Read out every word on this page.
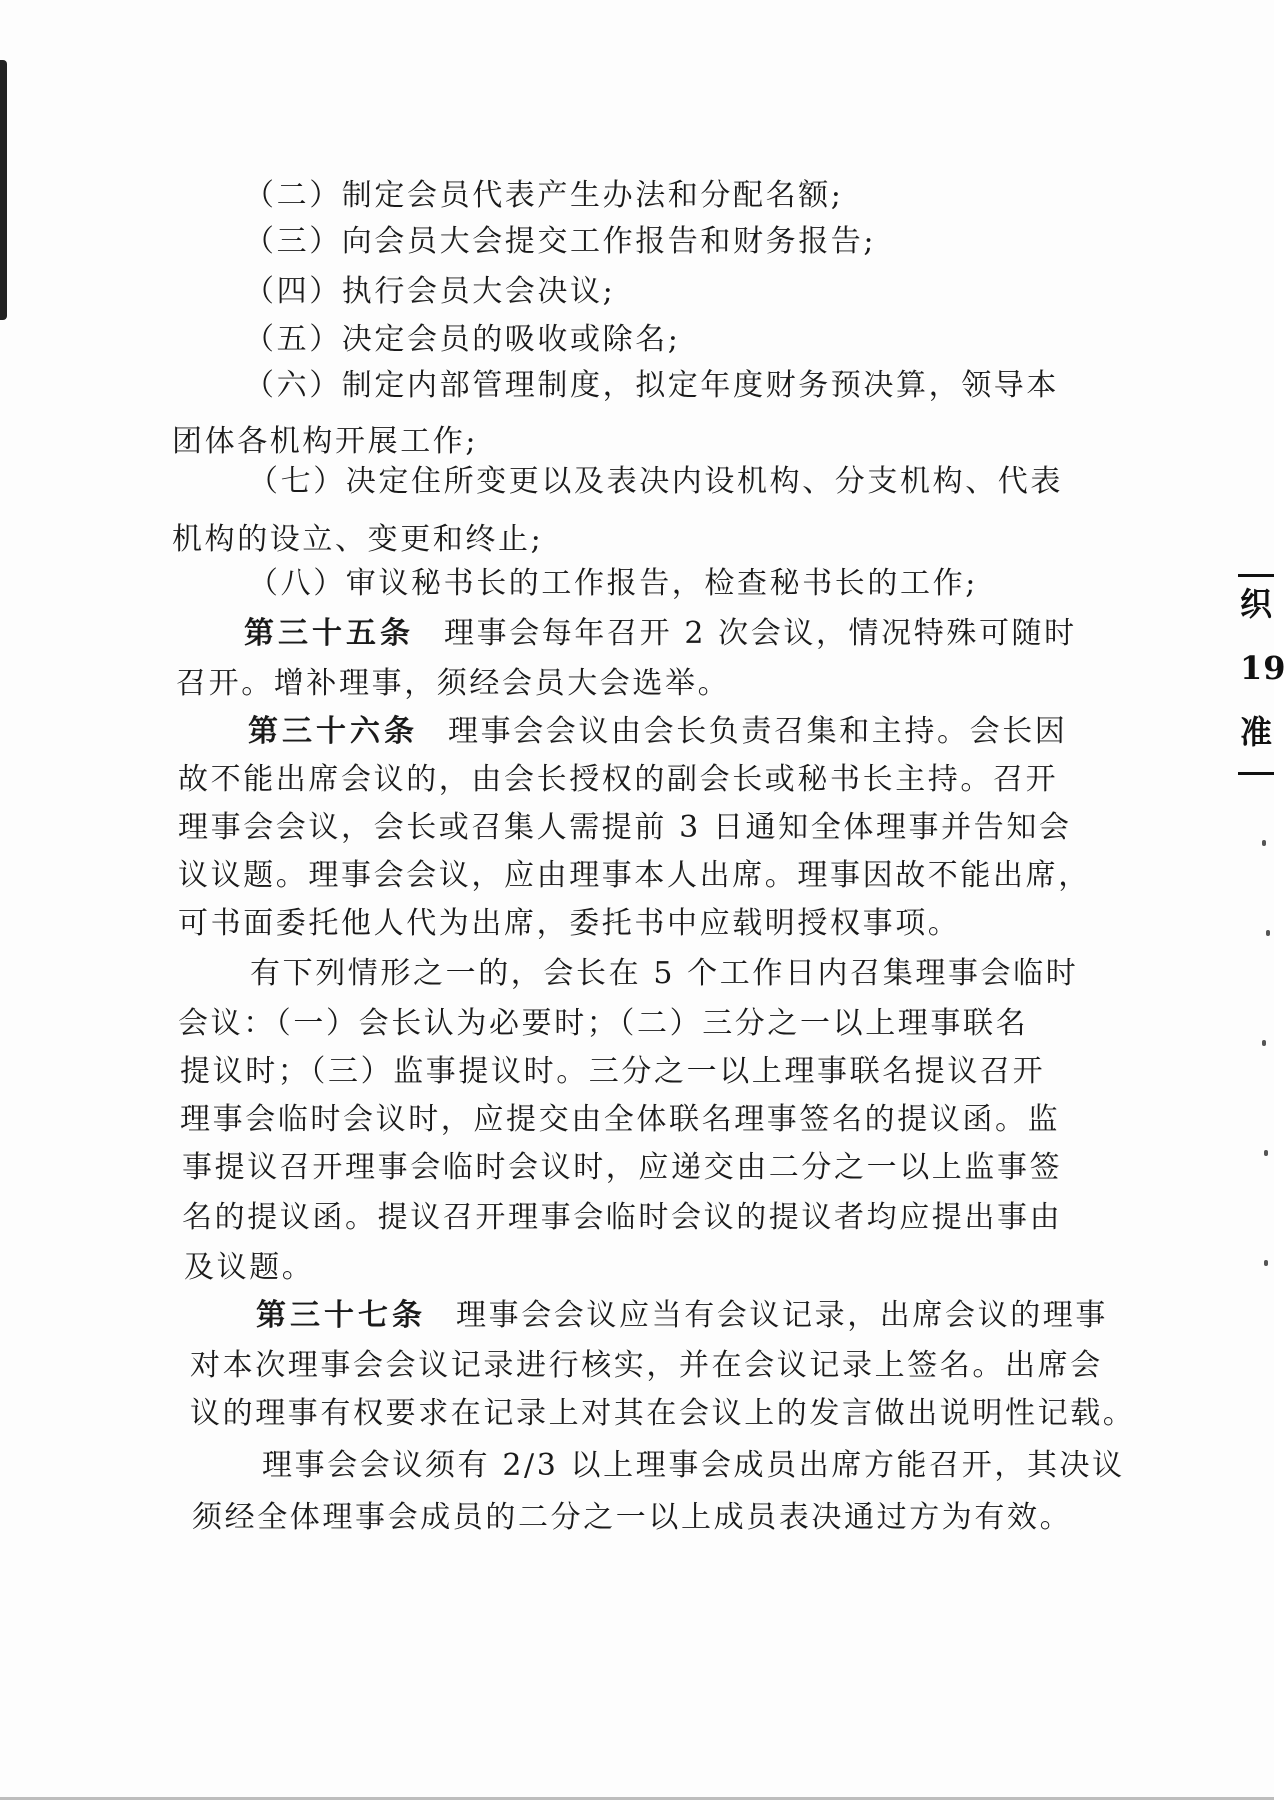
织
19
准
（二）制定会员代表产生办法和分配名额;
（三）向会员大会提交工作报告和财务报告;
（四）执行会员大会决议;
（五）决定会员的吸收或除名;
（六）制定内部管理制度，拟定年度财务预决算，领导本
团体各机构开展工作;
（七）决定住所变更以及表决内设机构、分支机构、代表
机构的设立、变更和终止;
（八）审议秘书长的工作报告，检查秘书长的工作;
第三十五条 理事会每年召开 2 次会议，情况特殊可随时
召开。增补理事，须经会员大会选举。
第三十六条 理事会会议由会长负责召集和主持。会长因
故不能出席会议的，由会长授权的副会长或秘书长主持。召开
理事会会议，会长或召集人需提前 3 日通知全体理事并告知会
议议题。理事会会议，应由理事本人出席。理事因故不能出席，
可书面委托他人代为出席，委托书中应载明授权事项。
有下列情形之一的，会长在 5 个工作日内召集理事会临时
会议：（一）会长认为必要时；（二）三分之一以上理事联名
提议时；（三）监事提议时。三分之一以上理事联名提议召开
理事会临时会议时，应提交由全体联名理事签名的提议函。监
事提议召开理事会临时会议时，应递交由二分之一以上监事签
名的提议函。提议召开理事会临时会议的提议者均应提出事由
及议题。
第三十七条 理事会会议应当有会议记录，出席会议的理事
对本次理事会会议记录进行核实，并在会议记录上签名。出席会
议的理事有权要求在记录上对其在会议上的发言做出说明性记载。
理事会会议须有 2/3 以上理事会成员出席方能召开，其决议
须经全体理事会成员的二分之一以上成员表决通过方为有效。
